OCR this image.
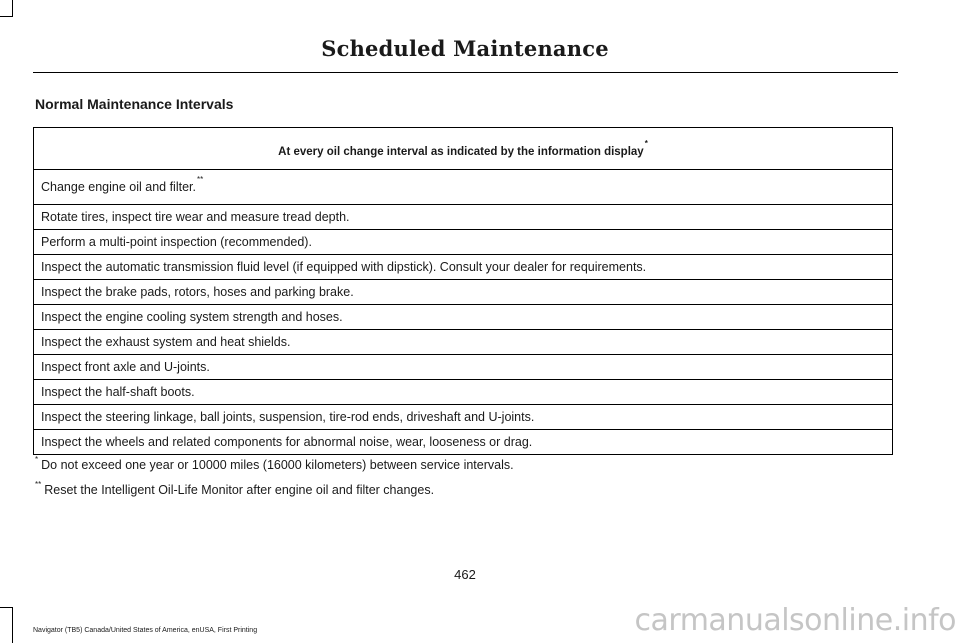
Scheduled Maintenance
Normal Maintenance Intervals
At every oil change interval as indicated by the information display*
Change engine oil and filter.**
Rotate tires, inspect tire wear and measure tread depth.
Perform a multi-point inspection (recommended).
Inspect the automatic transmission fluid level (if equipped with dipstick). Consult your dealer for requirements.
Inspect the brake pads, rotors, hoses and parking brake.
Inspect the engine cooling system strength and hoses.
Inspect the exhaust system and heat shields.
Inspect front axle and U-joints.
Inspect the half-shaft boots.
Inspect the steering linkage, ball joints, suspension, tire-rod ends, driveshaft and U-joints.
Inspect the wheels and related components for abnormal noise, wear, looseness or drag.
* Do not exceed one year or 10000 miles (16000 kilometers) between service intervals.
** Reset the Intelligent Oil-Life Monitor after engine oil and filter changes.
462
Navigator (TB5) Canada/United States of America, enUSA, First Printing	carmanualsonline.info
